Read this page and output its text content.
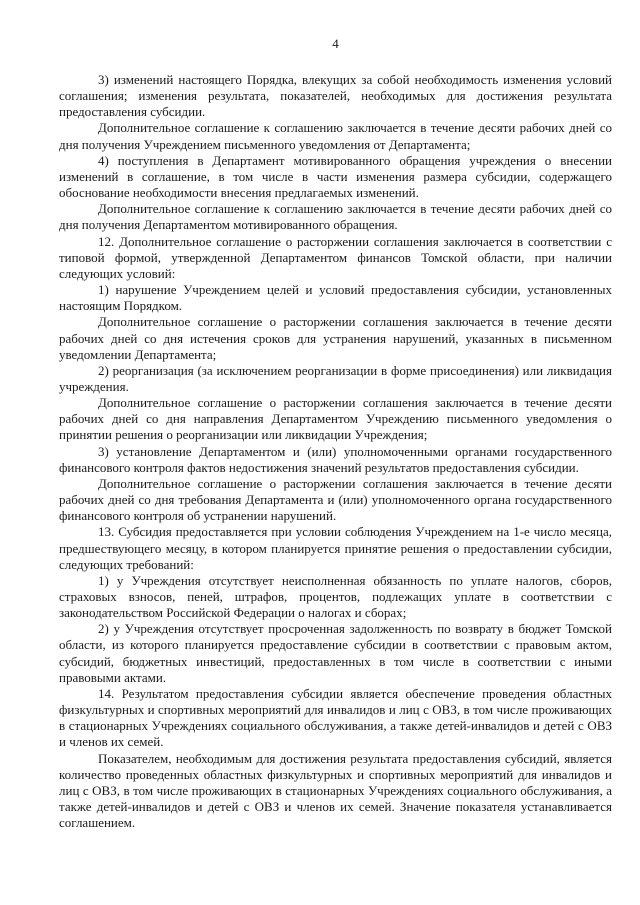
4

3) изменений настоящего Порядка, влекущих за собой необходимость изменения условий соглашения; изменения результата, показателей, необходимых для достижения результата предоставления субсидии.

Дополнительное соглашение к соглашению заключается в течение десяти рабочих дней со дня получения Учреждением письменного уведомления от Департамента;

4) поступления в Департамент мотивированного обращения учреждения о внесении изменений в соглашение, в том числе в части изменения размера субсидии, содержащего обоснование необходимости внесения предлагаемых изменений.

Дополнительное соглашение к соглашению заключается в течение десяти рабочих дней со дня получения Департаментом мотивированного обращения.

12. Дополнительное соглашение о расторжении соглашения заключается в соответствии с типовой формой, утвержденной Департаментом финансов Томской области, при наличии следующих условий:

1) нарушение Учреждением целей и условий предоставления субсидии, установленных настоящим Порядком.

Дополнительное соглашение о расторжении соглашения заключается в течение десяти рабочих дней со дня истечения сроков для устранения нарушений, указанных в письменном уведомлении Департамента;

2) реорганизация (за исключением реорганизации в форме присоединения) или ликвидация учреждения.

Дополнительное соглашение о расторжении соглашения заключается в течение десяти рабочих дней со дня направления Департаментом Учреждению письменного уведомления о принятии решения о реорганизации или ликвидации Учреждения;

3) установление Департаментом и (или) уполномоченными органами государственного финансового контроля фактов недостижения значений результатов предоставления субсидии.

Дополнительное соглашение о расторжении соглашения заключается в течение десяти рабочих дней со дня требования Департамента и (или) уполномоченного органа государственного финансового контроля об устранении нарушений.

13. Субсидия предоставляется при условии соблюдения Учреждением на 1-е число месяца, предшествующего месяцу, в котором планируется принятие решения о предоставлении субсидии, следующих требований:

1) у Учреждения отсутствует неисполненная обязанность по уплате налогов, сборов, страховых взносов, пеней, штрафов, процентов, подлежащих уплате в соответствии с законодательством Российской Федерации о налогах и сборах;

2) у Учреждения отсутствует просроченная задолженность по возврату в бюджет Томской области, из которого планируется предоставление субсидии в соответствии с правовым актом, субсидий, бюджетных инвестиций, предоставленных в том числе в соответствии с иными правовыми актами.

14. Результатом предоставления субсидии является обеспечение проведения областных физкультурных и спортивных мероприятий для инвалидов и лиц с ОВЗ, в том числе проживающих в стационарных Учреждениях социального обслуживания, а также детей-инвалидов и детей с ОВЗ и членов их семей.

Показателем, необходимым для достижения результата предоставления субсидий, является количество проведенных областных физкультурных и спортивных мероприятий для инвалидов и лиц с ОВЗ, в том числе проживающих в стационарных Учреждениях социального обслуживания, а также детей-инвалидов и детей с ОВЗ и членов их семей. Значение показателя устанавливается соглашением.
